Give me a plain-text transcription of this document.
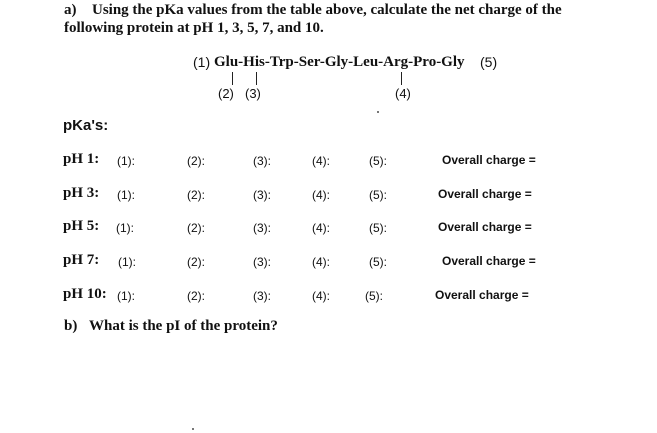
a) Using the pKa values from the table above, calculate the net charge of the
following protein at pH 1, 3, 5, 7, and 10.
(1) Glu-His-Trp-Ser-Gly-Leu-Arg-Pro-Gly (5)
(2) (3)	(4)
pKa's:
pH 1: (1):	(2):	(3):	(4):	(5):	Overall charge =
pH 3: (1):	(2):	(3):	(4):	(5):	Overall charge =
pH 5: (1):	(2):	(3):	(4):	(5):	Overall charge =
pH 7: (1):	(2):	(3):	(4):	(5):	Overall charge =
pH 10: (1):	(2):	(3):	(4):	(5):	Overall charge =
b) What is the pI of the protein?
